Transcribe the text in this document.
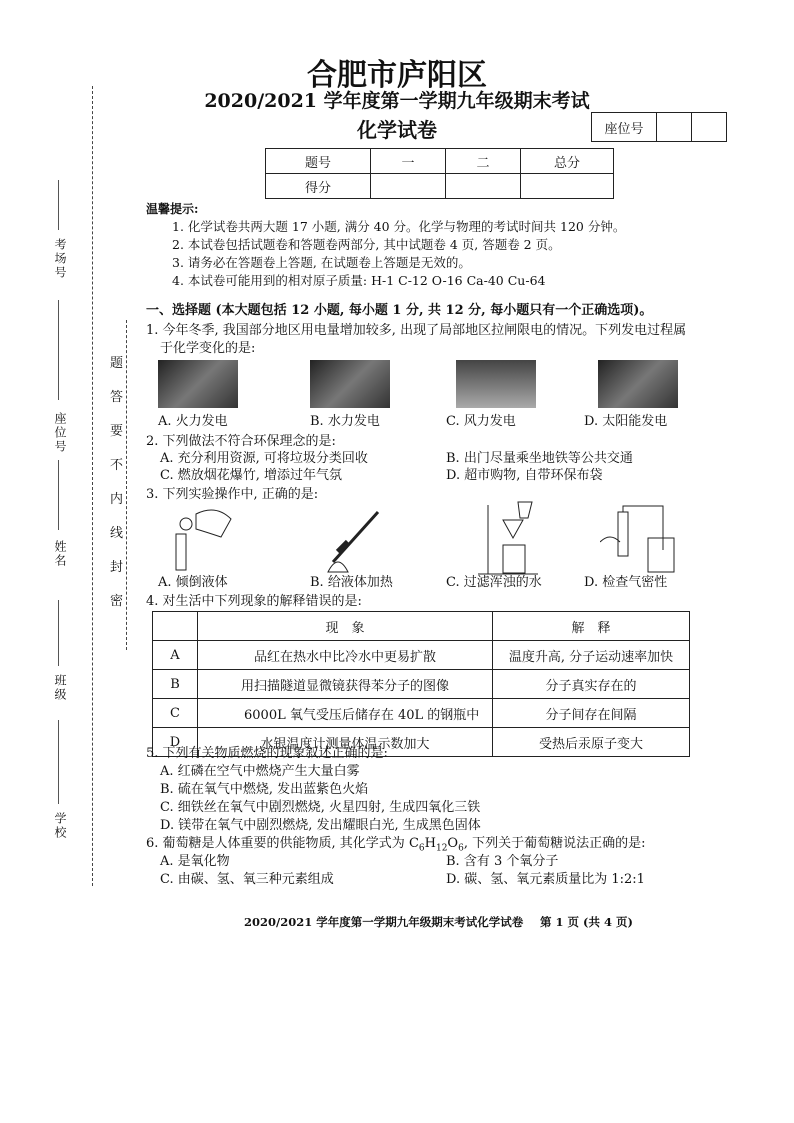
考场号
座位号
姓名
班级
学校
题
答
要
不
内
线
封
密
合肥市庐阳区
2020/2021 学年度第一学期九年级期末考试
化学试卷	座位号		
题号	一	二	总分
得分			
温馨提示:
1. 化学试卷共两大题 17 小题, 满分 40 分。化学与物理的考试时间共 120 分钟。
2. 本试卷包括试题卷和答题卷两部分, 其中试题卷 4 页, 答题卷 2 页。
3. 请务必在答题卷上答题, 在试题卷上答题是无效的。
4. 本试卷可能用到的相对原子质量: H-1 C-12 O-16 Ca-40 Cu-64
一、选择题 (本大题包括 12 小题, 每小题 1 分, 共 12 分, 每小题只有一个正确选项)。
1. 今年冬季, 我国部分地区用电量增加较多, 出现了局部地区拉闸限电的情况。下列发电过程属
于化学变化的是:
A. 火力发电	B. 水力发电	C. 风力发电	D. 太阳能发电
2. 下列做法不符合环保理念的是:
A. 充分利用资源, 可将垃圾分类回收	B. 出门尽量乘坐地铁等公共交通
C. 燃放烟花爆竹, 增添过年气氛	D. 超市购物, 自带环保布袋
3. 下列实验操作中, 正确的是:
A. 倾倒液体	B. 给液体加热	C. 过滤浑浊的水	D. 检查气密性
4. 对生活中下列现象的解释错误的是:
	现　象	解　释
A	品红在热水中比冷水中更易扩散	温度升高, 分子运动速率加快
B	用扫描隧道显微镜获得苯分子的图像	分子真实存在的
C	6000L 氧气受压后储存在 40L 的钢瓶中	分子间存在间隔
D	水银温度计测量体温示数加大	受热后汞原子变大
5. 下列有关物质燃烧的现象叙述正确的是:
A. 红磷在空气中燃烧产生大量白雾
B. 硫在氧气中燃烧, 发出蓝紫色火焰
C. 细铁丝在氧气中剧烈燃烧, 火星四射, 生成四氧化三铁
D. 镁带在氧气中剧烈燃烧, 发出耀眼白光, 生成黑色固体
6. 葡萄糖是人体重要的供能物质, 其化学式为 $C_6H_{12}O_6$, 下列关于葡萄糖说法正确的是:
A. 是氧化物	B. 含有 3 个氧分子
C. 由碳、氢、氧三种元素组成	D. 碳、氢、氧元素质量比为 1:2:1
2020/2021 学年度第一学期九年级期末考试化学试卷 第 1 页 (共 4 页)
